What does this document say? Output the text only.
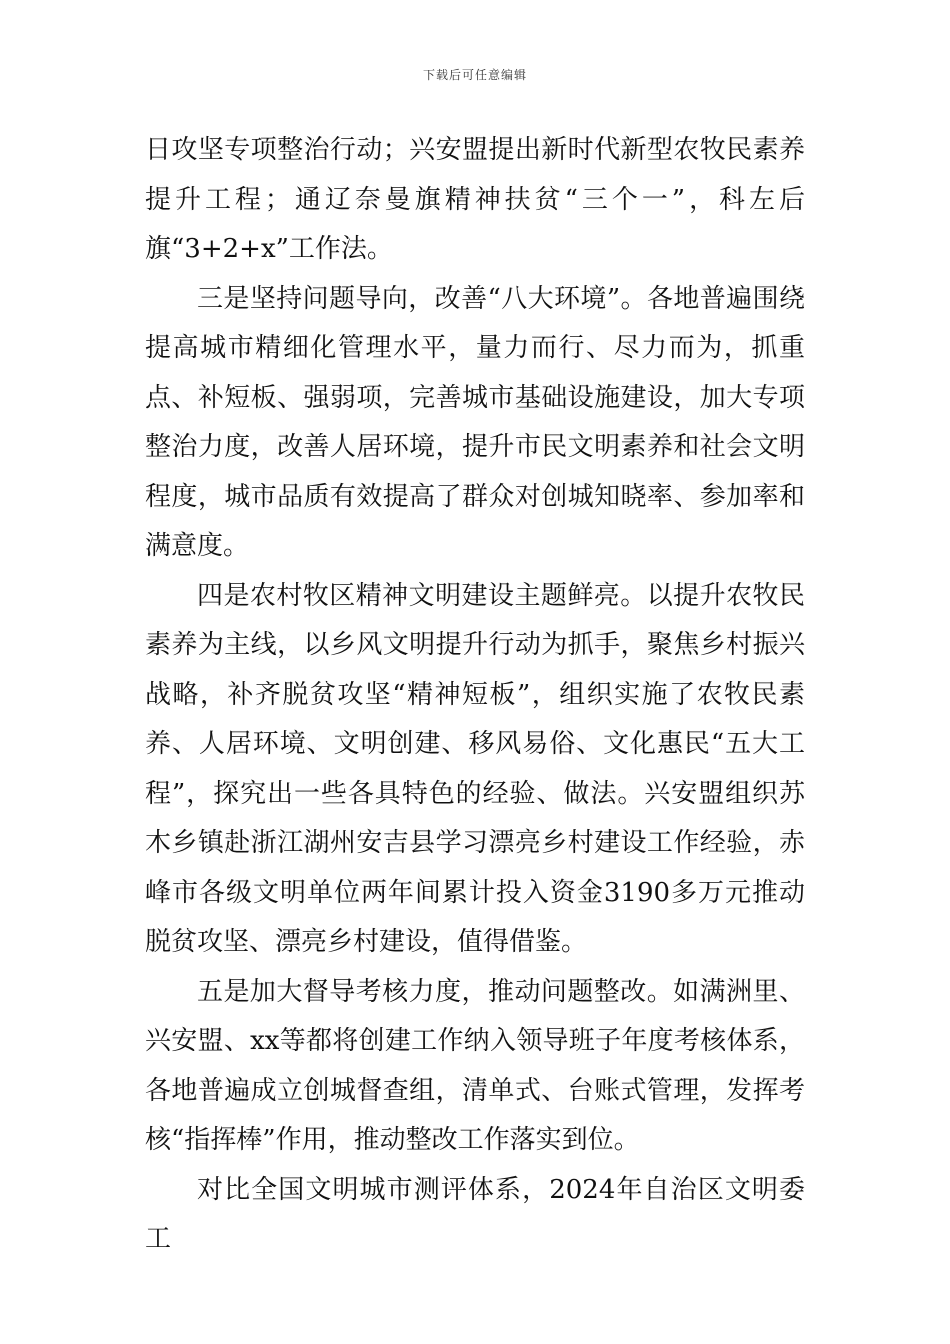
下载后可任意编辑

日攻坚专项整治行动；兴安盟提出新时代新型农牧民素养提升工程；通辽奈曼旗精神扶贫“三个一”，科左后旗“3+2+x”工作法。

三是坚持问题导向，改善“八大环境”。各地普遍围绕提高城市精细化管理水平，量力而行、尽力而为，抓重点、补短板、强弱项，完善城市基础设施建设，加大专项整治力度，改善人居环境，提升市民文明素养和社会文明程度，城市品质有效提高了群众对创城知晓率、参加率和满意度。

四是农村牧区精神文明建设主题鲜亮。以提升农牧民素养为主线，以乡风文明提升行动为抓手，聚焦乡村振兴战略，补齐脱贫攻坚“精神短板”，组织实施了农牧民素养、人居环境、文明创建、移风易俗、文化惠民“五大工程”，探究出一些各具特色的经验、做法。兴安盟组织苏木乡镇赴浙江湖州安吉县学习漂亮乡村建设工作经验，赤峰市各级文明单位两年间累计投入资金3190多万元推动脱贫攻坚、漂亮乡村建设，值得借鉴。

五是加大督导考核力度，推动问题整改。如满洲里、兴安盟、xx等都将创建工作纳入领导班子年度考核体系，各地普遍成立创城督查组，清单式、台账式管理，发挥考核“指挥棒”作用，推动整改工作落实到位。

对比全国文明城市测评体系，2024年自治区文明委工
